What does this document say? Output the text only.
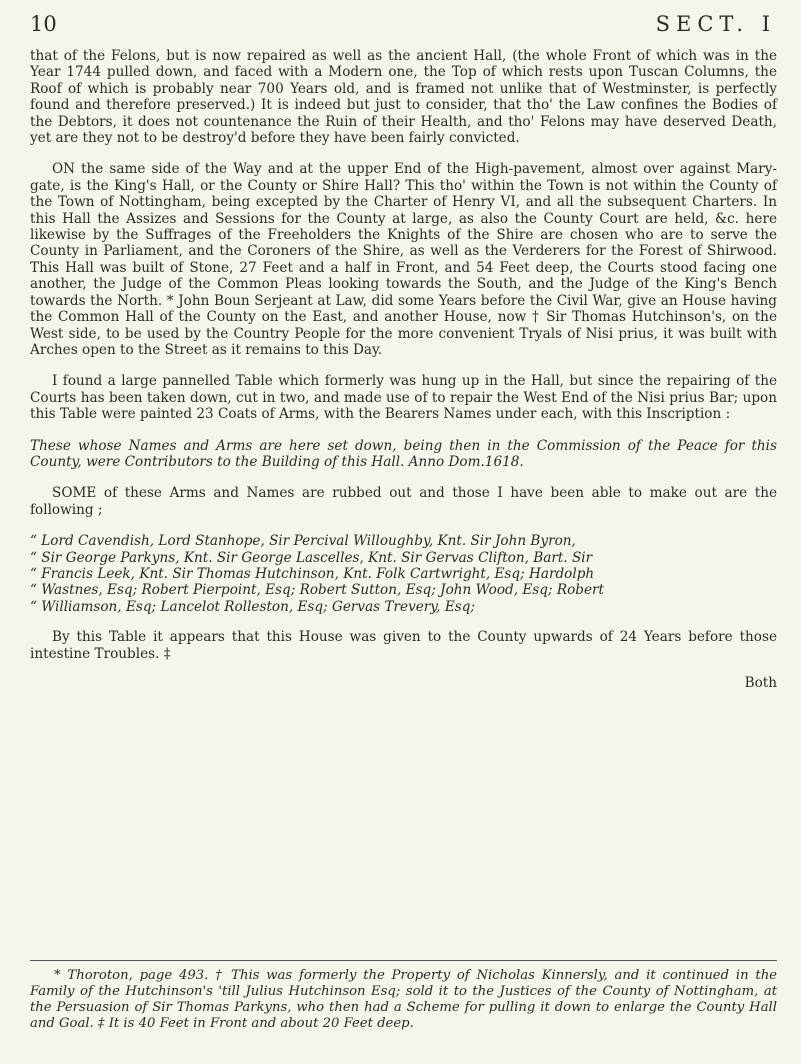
10	SECT. I

that of the Felons, but is now repaired as well as the ancient Hall, (the whole Front of which was in the Year 1744 pulled down, and faced with a Modern one, the Top of which rests upon Tuscan Columns, the Roof of which is probably near 700 Years old, and is framed not unlike that of Westminster, is perfectly found and therefore preserved.) It is indeed but just to consider, that tho' the Law confines the Bodies of the Debtors, it does not countenance the Ruin of their Health, and tho' Felons may have deserved Death, yet are they not to be destroy'd before they have been fairly convicted.

ON the same side of the Way and at the upper End of the High-pavement, almost over against Mary-gate, is the King's Hall, or the County or Shire Hall? This tho' within the Town is not within the County of the Town of Nottingham, being excepted by the Charter of Henry VI, and all the subsequent Charters. In this Hall the Assizes and Sessions for the County at large, as also the County Court are held, &c. here likewise by the Suffrages of the Freeholders the Knights of the Shire are chosen who are to serve the County in Parliament, and the Coroners of the Shire, as well as the Verderers for the Forest of Shirwood. This Hall was built of Stone, 27 Feet and a half in Front, and 54 Feet deep, the Courts stood facing one another, the Judge of the Common Pleas looking towards the South, and the Judge of the King's Bench towards the North. * John Boun Serjeant at Law, did some Years before the Civil War, give an House having the Common Hall of the County on the East, and another House, now † Sir Thomas Hutchinson's, on the West side, to be used by the Country People for the more convenient Tryals of Nisi prius, it was built with Arches open to the Street as it remains to this Day.

I found a large pannelled Table which formerly was hung up in the Hall, but since the repairing of the Courts has been taken down, cut in two, and made use of to repair the West End of the Nisi prius Bar; upon this Table were painted 23 Coats of Arms, with the Bearers Names under each, with this Inscription :

These whose Names and Arms are here set down, being then in the Commission of the Peace for this County, were Contributors to the Building of this Hall. Anno Dom.1618.

SOME of these Arms and Names are rubbed out and those I have been able to make out are the following ;

“ Lord Cavendish, Lord Stanhope, Sir Percival Willoughby, Knt. Sir John Byron,
“ Sir George Parkyns, Knt. Sir George Lascelles, Knt. Sir Gervas Clifton, Bart. Sir
“ Francis Leek, Knt. Sir Thomas Hutchinson, Knt. Folk Cartwright, Esq; Hardolph
“ Wastnes, Esq; Robert Pierpoint, Esq; Robert Sutton, Esq; John Wood, Esq; Robert
“ Williamson, Esq; Lancelot Rolleston, Esq; Gervas Trevery, Esq;

By this Table it appears that this House was given to the County upwards of 24 Years before those intestine Troubles. ‡

Both

* Thoroton, page 493. † This was formerly the Property of Nicholas Kinnersly, and it continued in the Family of the Hutchinson's 'till Julius Hutchinson Esq; sold it to the Justices of the County of Nottingham, at the Persuasion of Sir Thomas Parkyns, who then had a Scheme for pulling it down to enlarge the County Hall and Goal. ‡ It is 40 Feet in Front and about 20 Feet deep.
